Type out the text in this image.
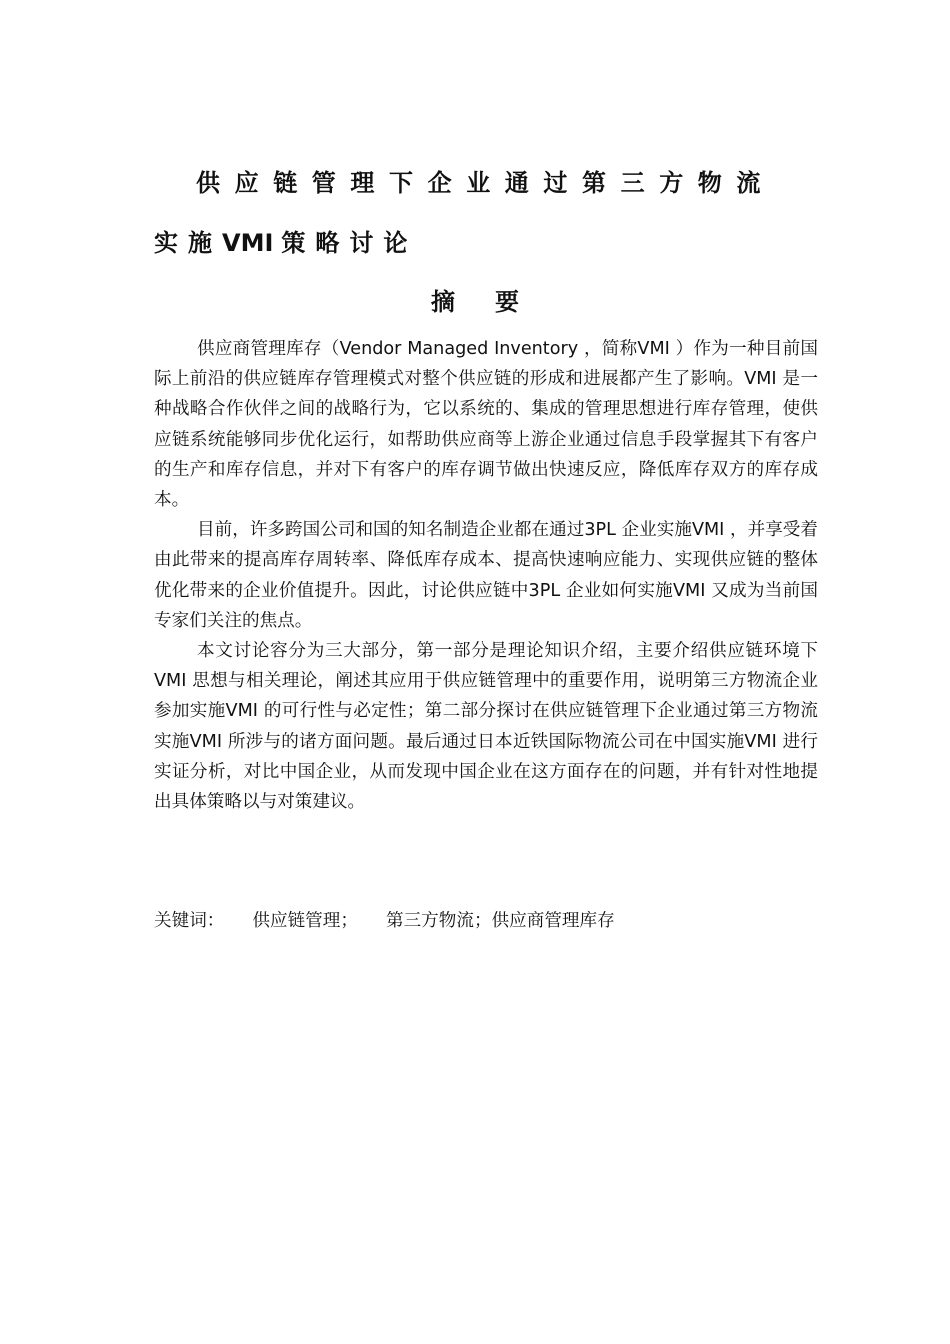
供应链管理下企业通过第三方物流
实施VMI 策略讨论
摘要

供应商管理库存（Vendor Managed Inventory ，简称VMI ）作为一种目前国际上前沿的供应链库存管理模式对整个供应链的形成和进展都产生了影响。VMI 是一种战略合作伙伴之间的战略行为，它以系统的、集成的管理思想进行库存管理，使供应链系统能够同步优化运行，如帮助供应商等上游企业通过信息手段掌握其下有客户的生产和库存信息，并对下有客户的库存调节做出快速反应，降低库存双方的库存成本。

目前，许多跨国公司和国的知名制造企业都在通过3PL 企业实施VMI ，并享受着由此带来的提高库存周转率、降低库存成本、提高快速响应能力、实现供应链的整体优化带来的企业价值提升。因此，讨论供应链中3PL 企业如何实施VMI 又成为当前国专家们关注的焦点。

本文讨论容分为三大部分，第一部分是理论知识介绍，主要介绍供应链环境下VMI 思想与相关理论，阐述其应用于供应链管理中的重要作用，说明第三方物流企业参加实施VMI 的可行性与必定性；第二部分探讨在供应链管理下企业通过第三方物流实施VMI 所涉与的诸方面问题。最后通过日本近铁国际物流公司在中国实施VMI 进行实证分析，对比中国企业，从而发现中国企业在这方面存在的问题，并有针对性地提出具体策略以与对策建议。

关键词： 供应链管理； 第三方物流；供应商管理库存
